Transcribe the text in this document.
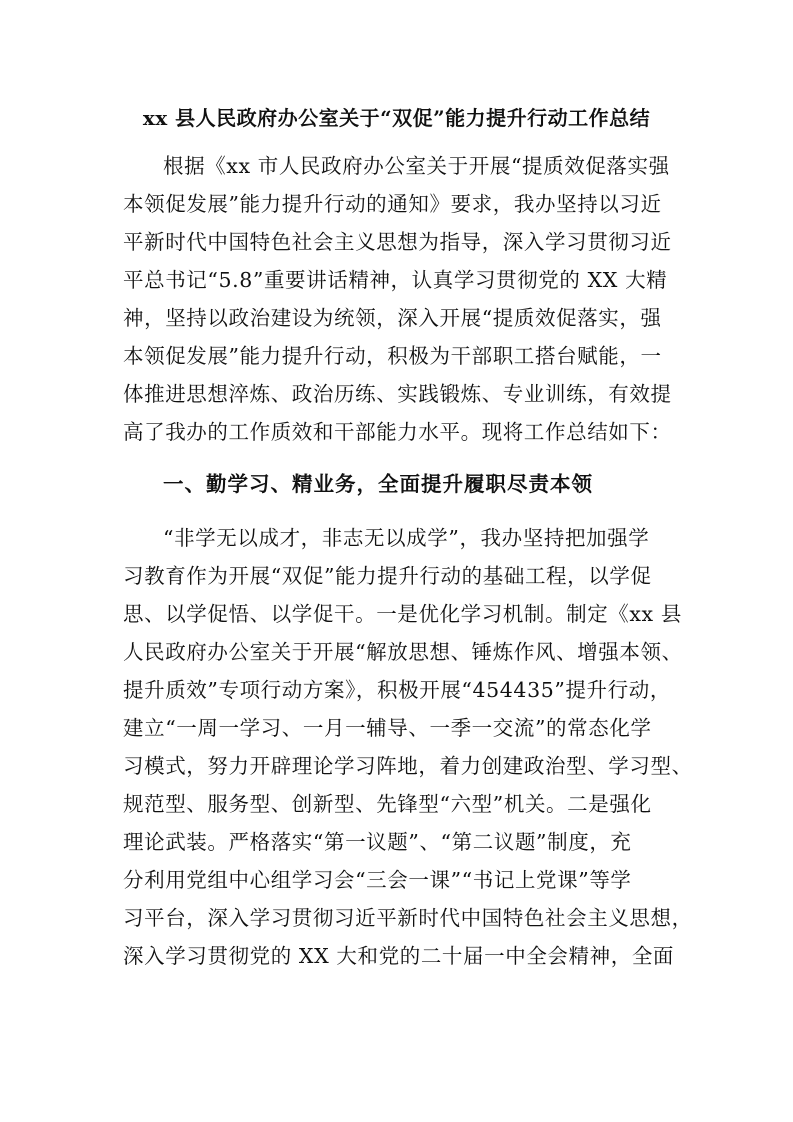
xx 县人民政府办公室关于“双促”能力提升行动工作总结
根据《xx 市人民政府办公室关于开展“提质效促落实强
本领促发展”能力提升行动的通知》要求，我办坚持以习近
平新时代中国特色社会主义思想为指导，深入学习贯彻习近
平总书记“5.8”重要讲话精神，认真学习贯彻党的 XX 大精
神，坚持以政治建设为统领，深入开展“提质效促落实，强
本领促发展”能力提升行动，积极为干部职工搭台赋能，一
体推进思想淬炼、政治历练、实践锻炼、专业训练，有效提
高了我办的工作质效和干部能力水平。现将工作总结如下：
一、勤学习、精业务，全面提升履职尽责本领
“非学无以成才，非志无以成学”，我办坚持把加强学
习教育作为开展“双促”能力提升行动的基础工程，以学促
思、以学促悟、以学促干。一是优化学习机制。制定《xx 县
人民政府办公室关于开展“解放思想、锤炼作风、增强本领、
提升质效”专项行动方案》，积极开展“454435”提升行动，
建立“一周一学习、一月一辅导、一季一交流”的常态化学
习模式，努力开辟理论学习阵地，着力创建政治型、学习型、
规范型、服务型、创新型、先锋型“六型”机关。二是强化
理论武装。严格落实“第一议题”、“第二议题”制度，充
分利用党组中心组学习会“三会一课”“书记上党课”等学
习平台，深入学习贯彻习近平新时代中国特色社会主义思想，
深入学习贯彻党的 XX 大和党的二十届一中全会精神，全面
